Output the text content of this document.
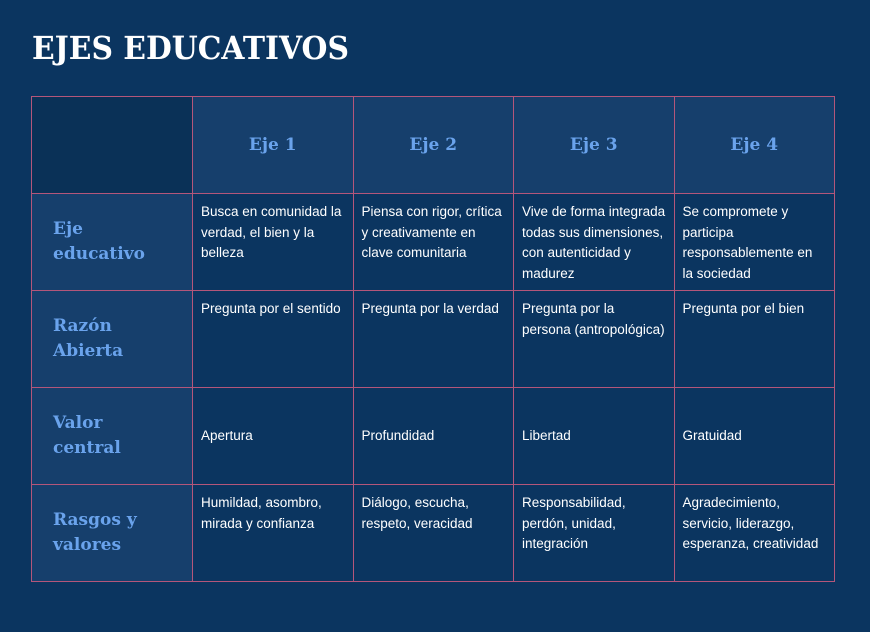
EJES EDUCATIVOS
	Eje 1	Eje 2	Eje 3	Eje 4
Eje
educativo	Busca en comunidad la verdad, el bien y la belleza	Piensa con rigor, crítica y creativamente en clave comunitaria	Vive de forma integrada todas sus dimensiones, con autenticidad y madurez	Se compromete y participa responsablemente en la sociedad
Razón
Abierta	Pregunta por el sentido	Pregunta por la verdad	Pregunta por la persona (antropológica)	Pregunta por el bien
Valor
central	Apertura	Profundidad	Libertad	Gratuidad
Rasgos y
valores	Humildad, asombro, mirada y confianza	Diálogo, escucha, respeto, veracidad	Responsabilidad, perdón, unidad, integración	Agradecimiento, servicio, liderazgo, esperanza, creatividad
